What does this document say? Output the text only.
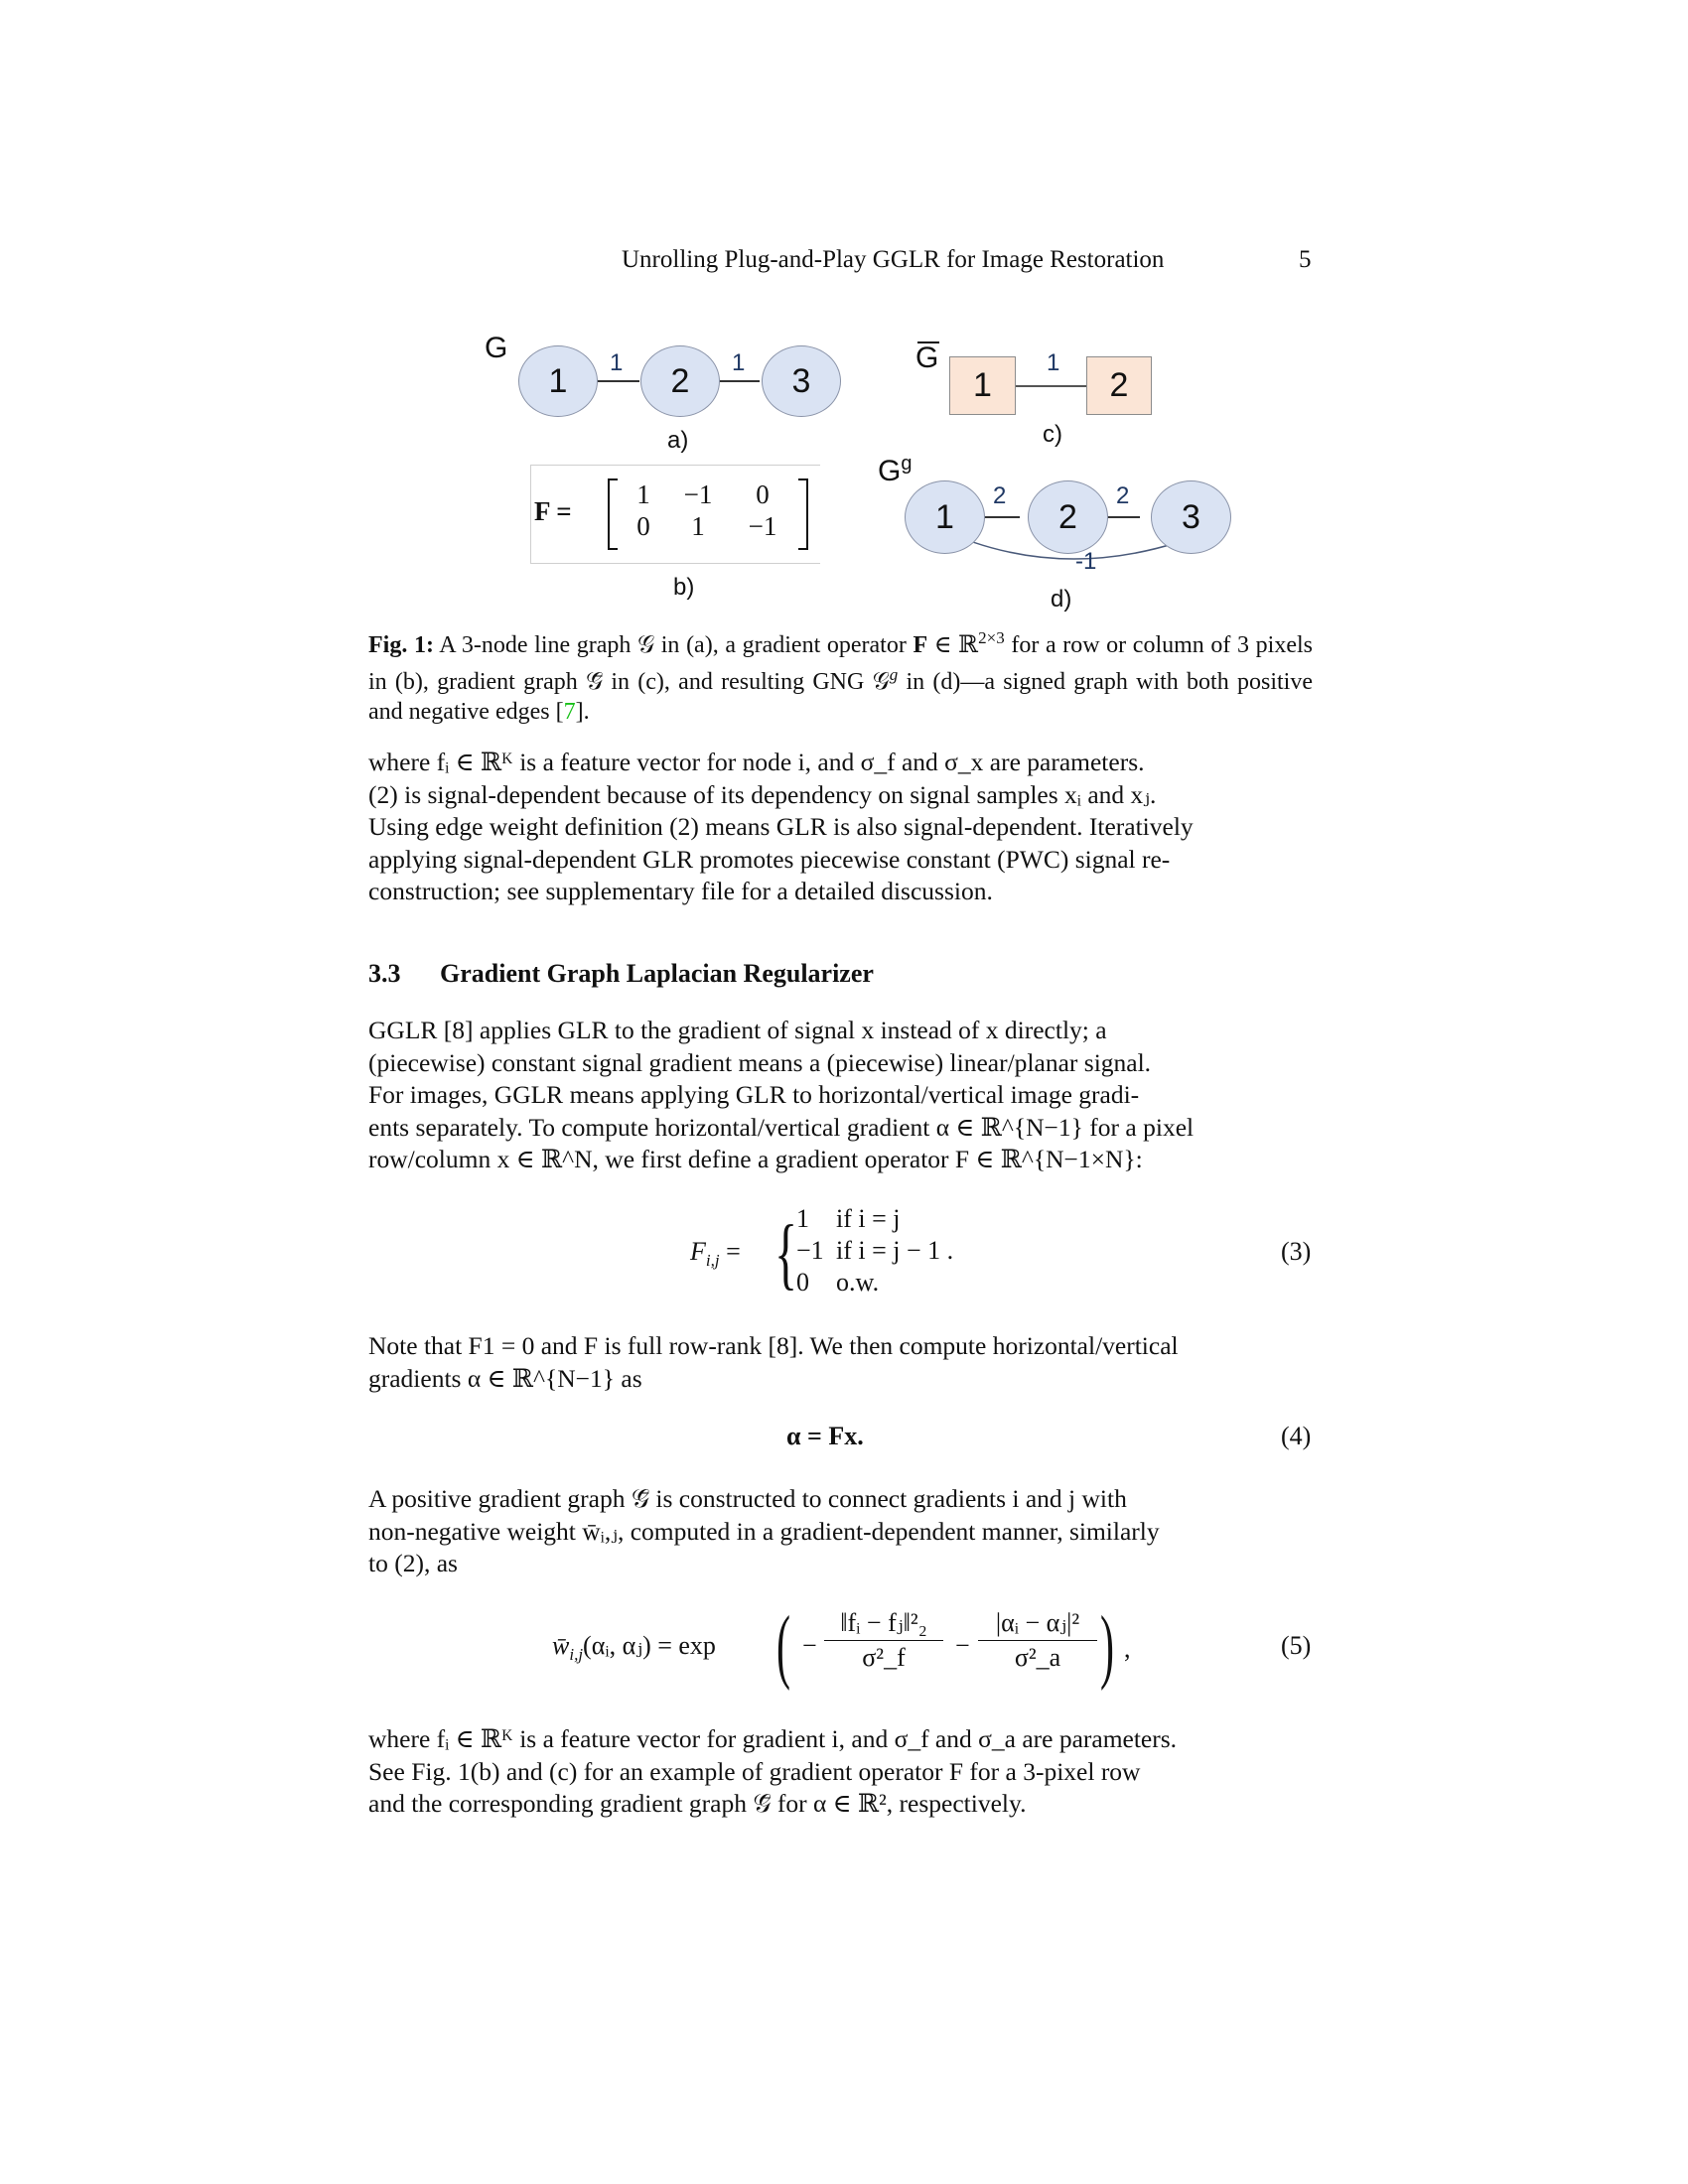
Unrolling Plug-and-Play GGLR for Image Restoration	5
G
1	2	3
1	1
a)
F =
1	−1	0
0	1	−1
b)
G
1	2
1
c)
$G^g$
1	2	3
2	2
-1
d)
Fig. 1: A 3-node line graph 𝒢 in (a), a gradient operator F ∈ ℝ$^{2\times 3}$ for a row or column of 3 pixels in (b), gradient graph 𝒢̄ in (c), and resulting GNG 𝒢$^g$ in (d)—a signed graph with both positive and negative edges [7].
where fᵢ ∈ ℝᴷ is a feature vector for node i, and σ_f and σ_x are parameters.
(2) is signal-dependent because of its dependency on signal samples xᵢ and xⱼ.
Using edge weight definition (2) means GLR is also signal-dependent. Iteratively
applying signal-dependent GLR promotes piecewise constant (PWC) signal re-
construction; see supplementary file for a detailed discussion.
3.3 Gradient Graph Laplacian Regularizer
GGLR [8] applies GLR to the gradient of signal x instead of x directly; a
(piecewise) constant signal gradient means a (piecewise) linear/planar signal.
For images, GGLR means applying GLR to horizontal/vertical image gradi-
ents separately. To compute horizontal/vertical gradient α ∈ ℝ^{N−1} for a pixel
row/column x ∈ ℝ^N, we first define a gradient operator F ∈ ℝ^{N−1×N}:
$F_{i,j}$ = {
1 if i = j
−1 if i = j − 1 .
0 o.w.
(3)
Note that F1 = 0 and F is full row-rank [8]. We then compute horizontal/vertical
gradients α ∈ ℝ^{N−1} as
α = Fx.	(4)
A positive gradient graph 𝒢̄ is constructed to connect gradients i and j with
non-negative weight w̄ᵢ,ⱼ, computed in a gradient-dependent manner, similarly
to (2), as
$w̄_{i,j}(\alpha ᵢ$, αⱼ) = exp ( −
‖fᵢ − fⱼ‖²₂
σ²_f	−
|αᵢ − αⱼ|²
σ²_a ) ,	(5)
where fᵢ ∈ ℝᴷ is a feature vector for gradient i, and σ_f and σ_a are parameters.
See Fig. 1(b) and (c) for an example of gradient operator F for a 3-pixel row
and the corresponding gradient graph 𝒢̄ for α ∈ ℝ², respectively.
